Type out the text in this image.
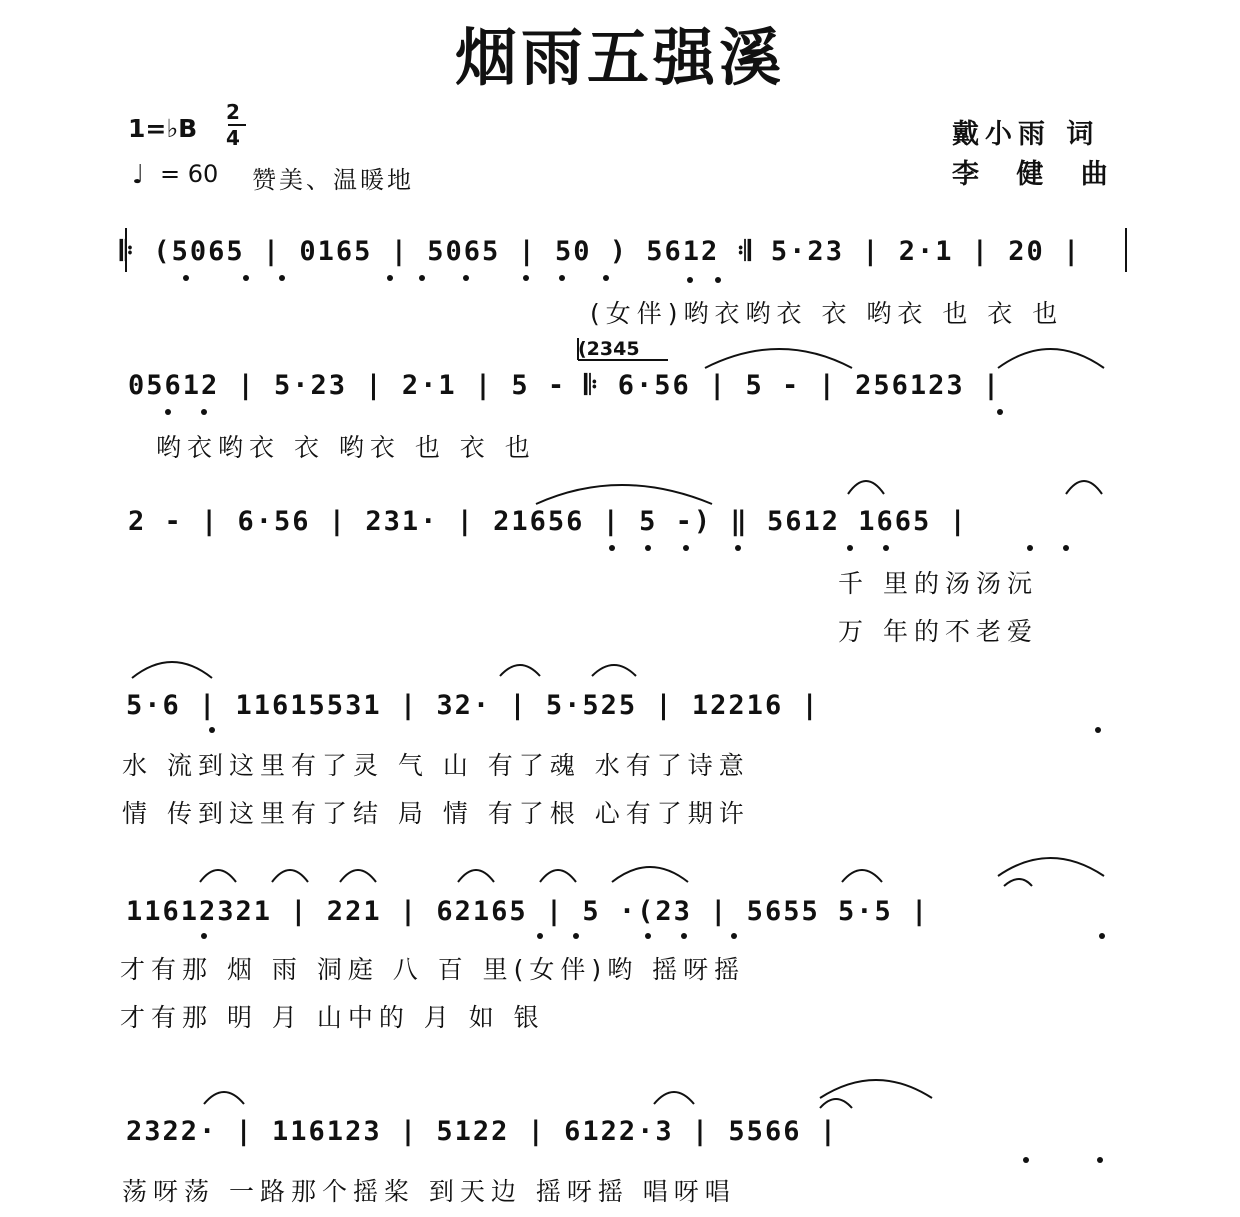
烟雨五强溪
1=♭B
2
4
♩ = 60 赞美、温暖地
戴小雨 词
李 健 曲
𝄆 (5065 | 0165 | 5065 | 50 ) 5612 𝄇 5·23 | 2·1 | 20 |
(女伴)哟衣哟衣 衣 哟衣 也 衣 也
(2345
05612 | 5·23 | 2·1 | 5 - 𝄆 6·56 | 5 - | 256123 |
哟衣哟衣 衣 哟衣 也 衣 也
2 - | 6·56 | 231· | 21656 | 5 -) ‖ 5612 1665 |
千 里的汤汤沅
万 年的不老爱
5·6 | 11615531 | 32· | 5·525 | 12216 |
水 流到这里有了灵 气 山 有了魂 水有了诗意
情 传到这里有了结 局 情 有了根 心有了期许
11612321 | 221 | 62165 | 5 ·(23 | 5655 5·5 |
才有那 烟 雨 洞庭 八 百 里(女伴)哟 摇呀摇
才有那 明 月 山中的 月 如 银
2322· | 116123 | 5122 | 6122·3 | 5566 |
荡呀荡 一路那个摇桨 到天边 摇呀摇 唱呀唱
